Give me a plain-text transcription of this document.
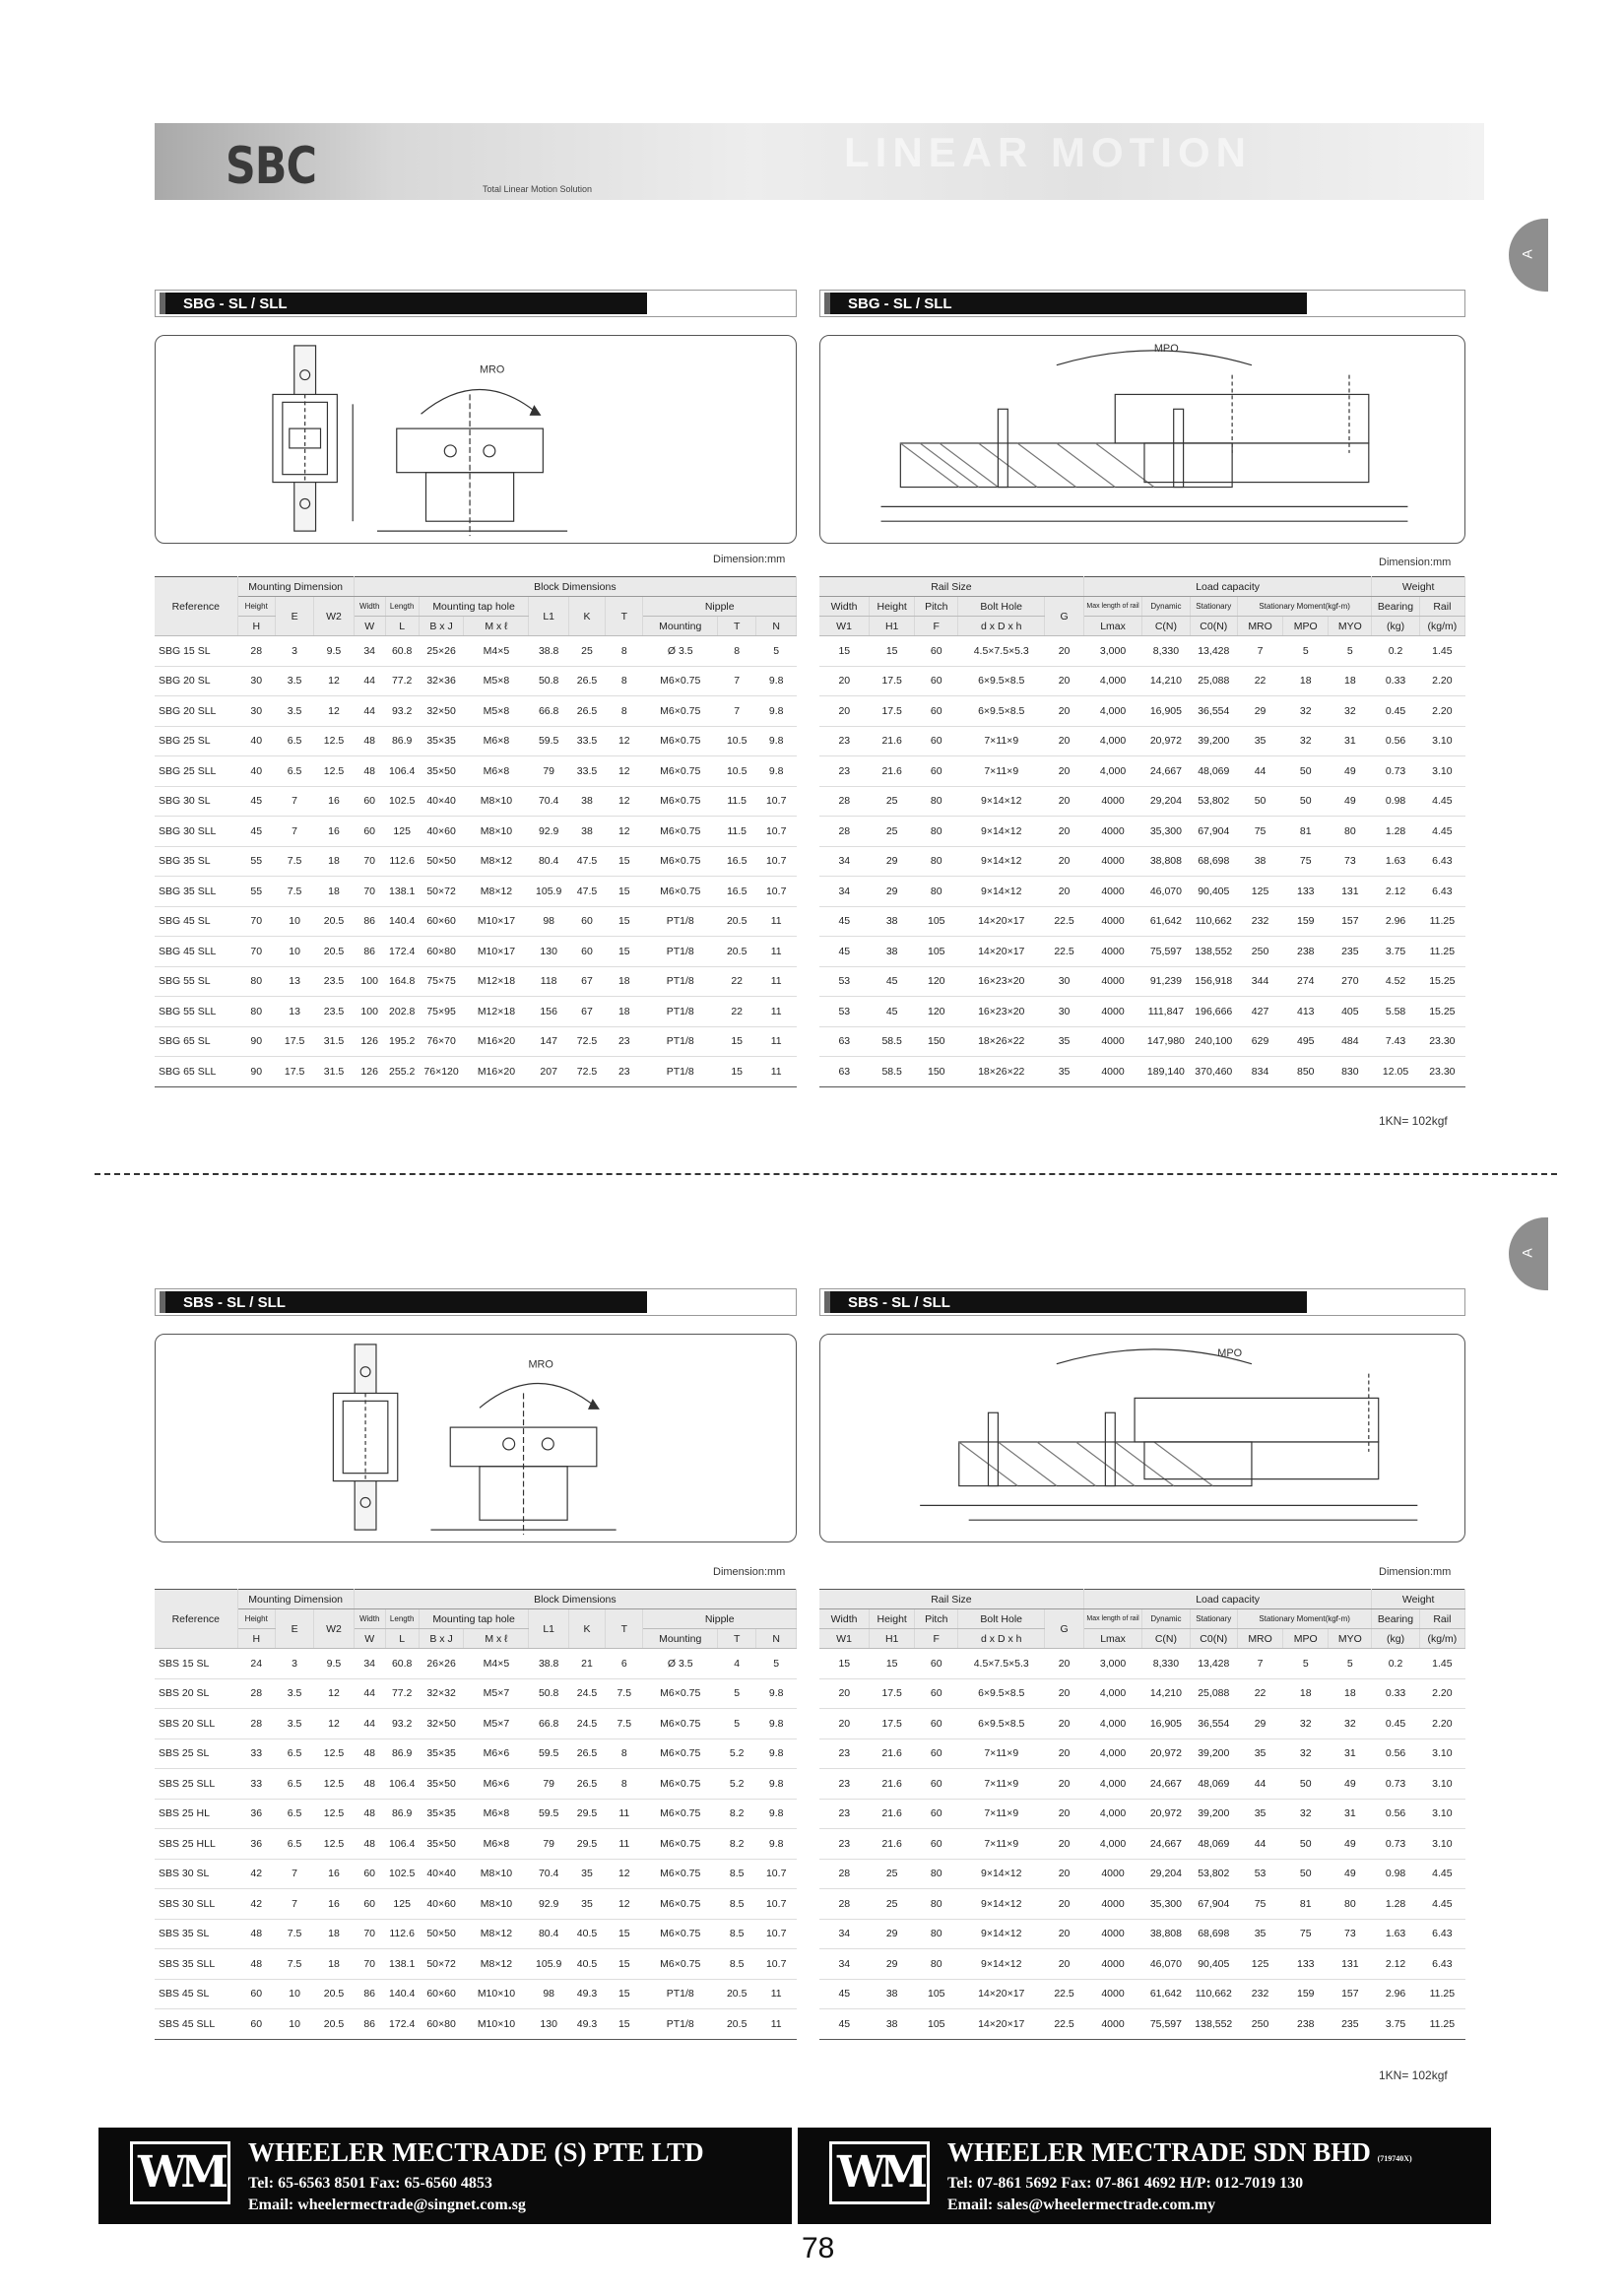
LINEAR MOTION
SBC	Total Linear Motion Solution
A
A
SBG - SL / SLL	SBG - SL / SLL
MRO
MPO
Dimension:mm	Dimension:mm
Reference	Mounting Dimension			Block Dimensions									
	Height	E	W2	Width	Length	Mounting tap hole		L1	K	T	Nipple		
	H			W	L	B x J	M x ℓ				Mounting	T	N
SBG 15 SL	28	3	9.5	34	60.8	25×26	M4×5	38.8	25	8	Ø 3.5	8	5
SBG 20 SL	30	3.5	12	44	77.2	32×36	M5×8	50.8	26.5	8	M6×0.75	7	9.8
SBG 20 SLL	30	3.5	12	44	93.2	32×50	M5×8	66.8	26.5	8	M6×0.75	7	9.8
SBG 25 SL	40	6.5	12.5	48	86.9	35×35	M6×8	59.5	33.5	12	M6×0.75	10.5	9.8
SBG 25 SLL	40	6.5	12.5	48	106.4	35×50	M6×8	79	33.5	12	M6×0.75	10.5	9.8
SBG 30 SL	45	7	16	60	102.5	40×40	M8×10	70.4	38	12	M6×0.75	11.5	10.7
SBG 30 SLL	45	7	16	60	125	40×60	M8×10	92.9	38	12	M6×0.75	11.5	10.7
SBG 35 SL	55	7.5	18	70	112.6	50×50	M8×12	80.4	47.5	15	M6×0.75	16.5	10.7
SBG 35 SLL	55	7.5	18	70	138.1	50×72	M8×12	105.9	47.5	15	M6×0.75	16.5	10.7
SBG 45 SL	70	10	20.5	86	140.4	60×60	M10×17	98	60	15	PT1/8	20.5	11
SBG 45 SLL	70	10	20.5	86	172.4	60×80	M10×17	130	60	15	PT1/8	20.5	11
SBG 55 SL	80	13	23.5	100	164.8	75×75	M12×18	118	67	18	PT1/8	22	11
SBG 55 SLL	80	13	23.5	100	202.8	75×95	M12×18	156	67	18	PT1/8	22	11
SBG 65 SL	90	17.5	31.5	126	195.2	76×70	M16×20	147	72.5	23	PT1/8	15	11
SBG 65 SLL	90	17.5	31.5	126	255.2	76×120	M16×20	207	72.5	23	PT1/8	15	11
Rail Size					Load capacity						Weight	
Width	Height	Pitch	Bolt Hole	G	Max length of rail	Dynamic	Stationary	Stationary Moment(kgf-m)			Bearing	Rail
W1	H1	F	d x D x h		Lmax	C(N)	C0(N)	MRO	MPO	MYO	(kg)	(kg/m)
15	15	60	4.5×7.5×5.3	20	3,000	8,330	13,428	7	5	5	0.2	1.45
20	17.5	60	6×9.5×8.5	20	4,000	14,210	25,088	22	18	18	0.33	2.20
20	17.5	60	6×9.5×8.5	20	4,000	16,905	36,554	29	32	32	0.45	2.20
23	21.6	60	7×11×9	20	4,000	20,972	39,200	35	32	31	0.56	3.10
23	21.6	60	7×11×9	20	4,000	24,667	48,069	44	50	49	0.73	3.10
28	25	80	9×14×12	20	4000	29,204	53,802	50	50	49	0.98	4.45
28	25	80	9×14×12	20	4000	35,300	67,904	75	81	80	1.28	4.45
34	29	80	9×14×12	20	4000	38,808	68,698	38	75	73	1.63	6.43
34	29	80	9×14×12	20	4000	46,070	90,405	125	133	131	2.12	6.43
45	38	105	14×20×17	22.5	4000	61,642	110,662	232	159	157	2.96	11.25
45	38	105	14×20×17	22.5	4000	75,597	138,552	250	238	235	3.75	11.25
53	45	120	16×23×20	30	4000	91,239	156,918	344	274	270	4.52	15.25
53	45	120	16×23×20	30	4000	111,847	196,666	427	413	405	5.58	15.25
63	58.5	150	18×26×22	35	4000	147,980	240,100	629	495	484	7.43	23.30
63	58.5	150	18×26×22	35	4000	189,140	370,460	834	850	830	12.05	23.30
1KN= 102kgf
SBS - SL / SLL	SBS - SL / SLL
MRO
MPO
Dimension:mm	Dimension:mm
Reference	Mounting Dimension			Block Dimensions									
	Height	E	W2	Width	Length	Mounting tap hole		L1	K	T	Nipple		
	H			W	L	B x J	M x ℓ				Mounting	T	N
SBS 15 SL	24	3	9.5	34	60.8	26×26	M4×5	38.8	21	6	Ø 3.5	4	5
SBS 20 SL	28	3.5	12	44	77.2	32×32	M5×7	50.8	24.5	7.5	M6×0.75	5	9.8
SBS 20 SLL	28	3.5	12	44	93.2	32×50	M5×7	66.8	24.5	7.5	M6×0.75	5	9.8
SBS 25 SL	33	6.5	12.5	48	86.9	35×35	M6×6	59.5	26.5	8	M6×0.75	5.2	9.8
SBS 25 SLL	33	6.5	12.5	48	106.4	35×50	M6×6	79	26.5	8	M6×0.75	5.2	9.8
SBS 25 HL	36	6.5	12.5	48	86.9	35×35	M6×8	59.5	29.5	11	M6×0.75	8.2	9.8
SBS 25 HLL	36	6.5	12.5	48	106.4	35×50	M6×8	79	29.5	11	M6×0.75	8.2	9.8
SBS 30 SL	42	7	16	60	102.5	40×40	M8×10	70.4	35	12	M6×0.75	8.5	10.7
SBS 30 SLL	42	7	16	60	125	40×60	M8×10	92.9	35	12	M6×0.75	8.5	10.7
SBS 35 SL	48	7.5	18	70	112.6	50×50	M8×12	80.4	40.5	15	M6×0.75	8.5	10.7
SBS 35 SLL	48	7.5	18	70	138.1	50×72	M8×12	105.9	40.5	15	M6×0.75	8.5	10.7
SBS 45 SL	60	10	20.5	86	140.4	60×60	M10×10	98	49.3	15	PT1/8	20.5	11
SBS 45 SLL	60	10	20.5	86	172.4	60×80	M10×10	130	49.3	15	PT1/8	20.5	11
Rail Size					Load capacity						Weight	
Width	Height	Pitch	Bolt Hole	G	Max length of rail	Dynamic	Stationary	Stationary Moment(kgf-m)			Bearing	Rail
W1	H1	F	d x D x h		Lmax	C(N)	C0(N)	MRO	MPO	MYO	(kg)	(kg/m)
15	15	60	4.5×7.5×5.3	20	3,000	8,330	13,428	7	5	5	0.2	1.45
20	17.5	60	6×9.5×8.5	20	4,000	14,210	25,088	22	18	18	0.33	2.20
20	17.5	60	6×9.5×8.5	20	4,000	16,905	36,554	29	32	32	0.45	2.20
23	21.6	60	7×11×9	20	4,000	20,972	39,200	35	32	31	0.56	3.10
23	21.6	60	7×11×9	20	4,000	24,667	48,069	44	50	49	0.73	3.10
23	21.6	60	7×11×9	20	4,000	20,972	39,200	35	32	31	0.56	3.10
23	21.6	60	7×11×9	20	4,000	24,667	48,069	44	50	49	0.73	3.10
28	25	80	9×14×12	20	4000	29,204	53,802	53	50	49	0.98	4.45
28	25	80	9×14×12	20	4000	35,300	67,904	75	81	80	1.28	4.45
34	29	80	9×14×12	20	4000	38,808	68,698	35	75	73	1.63	6.43
34	29	80	9×14×12	20	4000	46,070	90,405	125	133	131	2.12	6.43
45	38	105	14×20×17	22.5	4000	61,642	110,662	232	159	157	2.96	11.25
45	38	105	14×20×17	22.5	4000	75,597	138,552	250	238	235	3.75	11.25
1KN= 102kgf
WM WHEELER MECTRADE (S) PTE LTD
Tel: 65-6563 8501 Fax: 65-6560 4853
Email: wheelermectrade@singnet.com.sg
WM WHEELER MECTRADE SDN BHD (719740X)
Tel: 07-861 5692 Fax: 07-861 4692 H/P: 012-7019 130
Email: sales@wheelermectrade.com.my
78
